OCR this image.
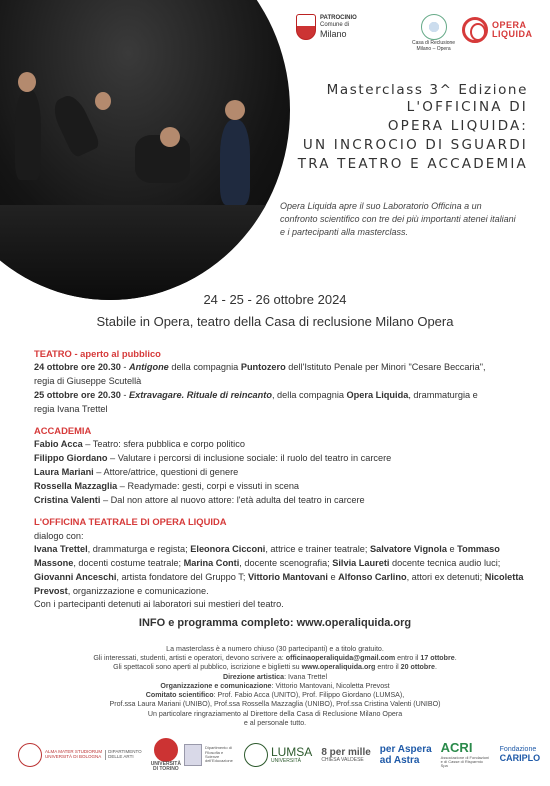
PATROCINIO
Comune di
Milano
Casa di Reclusione
Milano – Opera
OPERA
LIQUIDA
Masterclass 3^ Edizione
L'OFFICINA DI
OPERA LIQUIDA:
UN INCROCIO DI SGUARDI
TRA TEATRO E ACCADEMIA
Opera Liquida apre il suo Laboratorio Officina a un confronto scientifico con tre dei più importanti atenei italiani e i partecipanti alla masterclass.
24 - 25 - 26 ottobre 2024
Stabile in Opera, teatro della Casa di reclusione Milano Opera
TEATRO - aperto al pubblico
24 ottobre ore 20.30 - Antigone della compagnia Puntozero dell'Istituto Penale per Minori "Cesare Beccaria",
regia di Giuseppe Scutellà
25 ottobre ore 20.30 - Extravagare. Rituale di reincanto, della compagnia Opera Liquida, drammaturgia e
regia Ivana Trettel
ACCADEMIA
Fabio Acca – Teatro: sfera pubblica e corpo politico
Filippo Giordano – Valutare i percorsi di inclusione sociale: il ruolo del teatro in carcere
Laura Mariani – Attore/attrice, questioni di genere
Rossella Mazzaglia – Readymade: gesti, corpi e vissuti in scena
Cristina Valenti – Dal non attore al nuovo attore: l'età adulta del teatro in carcere
L'OFFICINA TEATRALE DI OPERA LIQUIDA
dialogo con:
Ivana Trettel, drammaturga e regista; Eleonora Cicconi, attrice e trainer teatrale; Salvatore Vignola e Tommaso Massone, docenti costume teatrale; Marina Conti, docente scenografia; Silvia Laureti docente tecnica audio luci; Giovanni Anceschi, artista fondatore del Gruppo T; Vittorio Mantovani e Alfonso Carlino, attori ex detenuti; Nicoletta Prevost, organizzazione e comunicazione.
Con i partecipanti detenuti ai laboratori sui mestieri del teatro.
INFO e programma completo: www.operaliquida.org
La masterclass è a numero chiuso (30 partecipanti) e a titolo gratuito.
Gli interessati, studenti, artisti e operatori, devono scrivere a: officinaoperaliquida@gmail.com entro il 17 ottobre.
Gli spettacoli sono aperti al pubblico, iscrizione e biglietti su www.operaliquida.org entro il 20 ottobre.
Direzione artistica: Ivana Trettel
Organizzazione e comunicazione: Vittorio Mantovani, Nicoletta Prevost
Comitato scientifico: Prof. Fabio Acca (UNITO), Prof. Filippo Giordano (LUMSA),
Prof.ssa Laura Mariani (UNIBO), Prof.ssa Rossella Mazzaglia (UNIBO), Prof.ssa Cristina Valenti (UNIBO)
Un particolare ringraziamento al Direttore della Casa di Reclusione Milano Opera
e al personale tutto.
ALMA MATER STUDIORUM
UNIVERSITÀ DI BOLOGNA
DIPARTIMENTO
DELLE ARTI
UNIVERSITÀ
DI TORINO
Dipartimento di Filosofia e Scienze dell'Educazione
LUMSA
UNIVERSITÀ
8 per mille
CHIESA VALDESE
per Aspera
ad Astra
ACRI
Associazione di Fondazioni e di Casse di Risparmio Spa
Fondazione
CARIPLO
